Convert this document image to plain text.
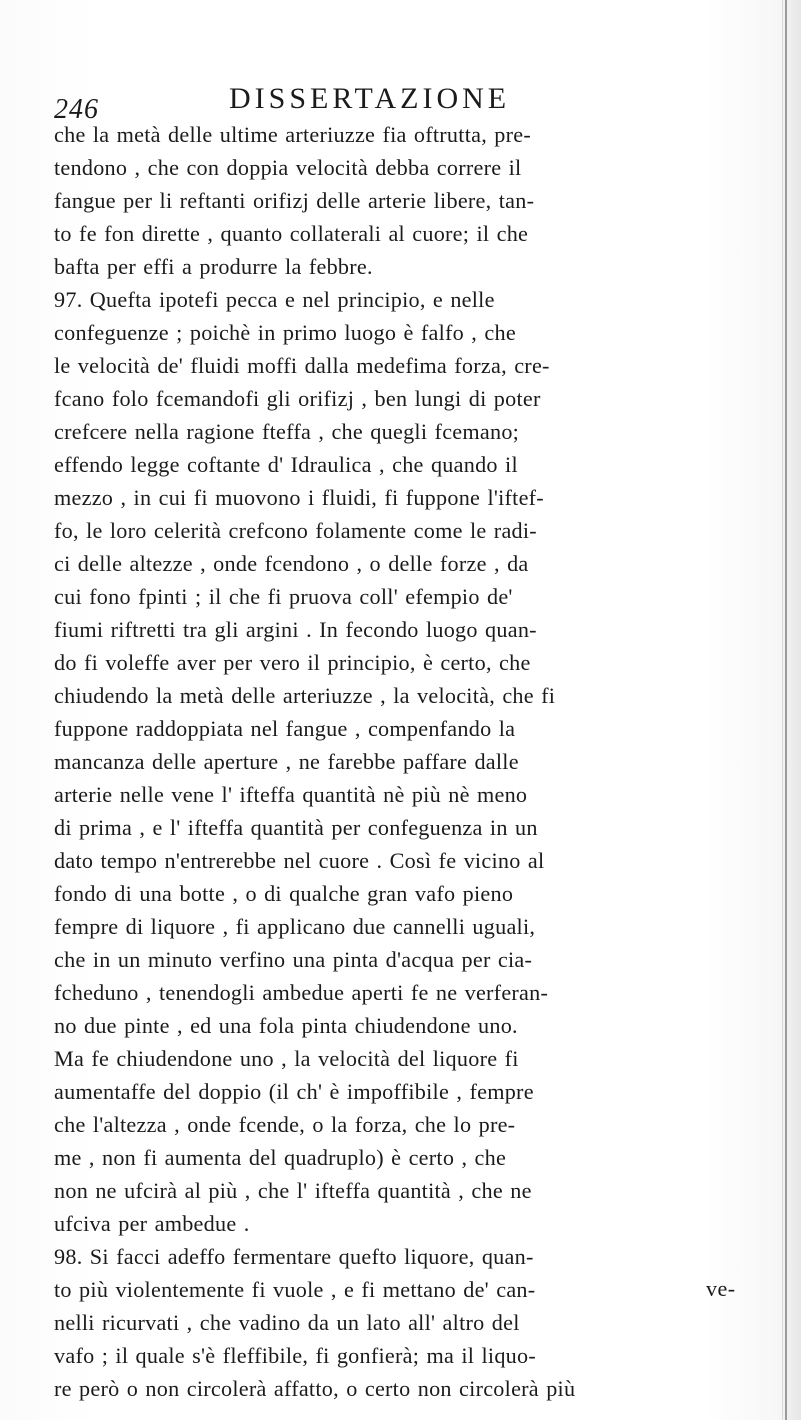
246	DISSERTAZIONE
che la metà delle ultime arteriuzze fia oftrutta, pre-
tendono , che con doppia velocità debba correre il
fangue per li reftanti orifizj delle arterie libere, tan-
to fe fon dirette , quanto collaterali al cuore; il che
bafta per effi a produrre la febbre.
97. Quefta ipotefi pecca e nel principio, e nelle
confeguenze ; poichè in primo luogo è falfo , che
le velocità de' fluidi moffi dalla medefima forza, cre-
fcano folo fcemandofi gli orifizj , ben lungi di poter
crefcere nella ragione fteffa , che quegli fcemano;
effendo legge coftante d' Idraulica , che quando il
mezzo , in cui fi muovono i fluidi, fi fuppone l'iftef-
fo, le loro celerità crefcono folamente come le radi-
ci delle altezze , onde fcendono , o delle forze , da
cui fono fpinti ; il che fi pruova coll' efempio de'
fiumi riftretti tra gli argini . In fecondo luogo quan-
do fi voleffe aver per vero il principio, è certo, che
chiudendo la metà delle arteriuzze , la velocità, che fi
fuppone raddoppiata nel fangue , compenfando la
mancanza delle aperture , ne farebbe paffare dalle
arterie nelle vene l' ifteffa quantità nè più nè meno
di prima , e l' ifteffa quantità per confeguenza in un
dato tempo n'entrerebbe nel cuore . Così fe vicino al
fondo di una botte , o di qualche gran vafo pieno
fempre di liquore , fi applicano due cannelli uguali,
che in un minuto verfino una pinta d'acqua per cia-
fcheduno , tenendogli ambedue aperti fe ne verferan-
no due pinte , ed una fola pinta chiudendone uno.
Ma fe chiudendone uno , la velocità del liquore fi
aumentaffe del doppio (il ch' è impoffibile , fempre
che l'altezza , onde fcende, o la forza, che lo pre-
me , non fi aumenta del quadruplo) è certo , che
non ne ufcirà al più , che l' ifteffa quantità , che ne
ufciva per ambedue .
98. Si facci adeffo fermentare quefto liquore, quan-
to più violentemente fi vuole , e fi mettano de' can-
nelli ricurvati , che vadino da un lato all' altro del
vafo ; il quale s'è fleffibile, fi gonfierà; ma il liquo-
re però o non circolerà affatto, o certo non circolerà più
ve-
